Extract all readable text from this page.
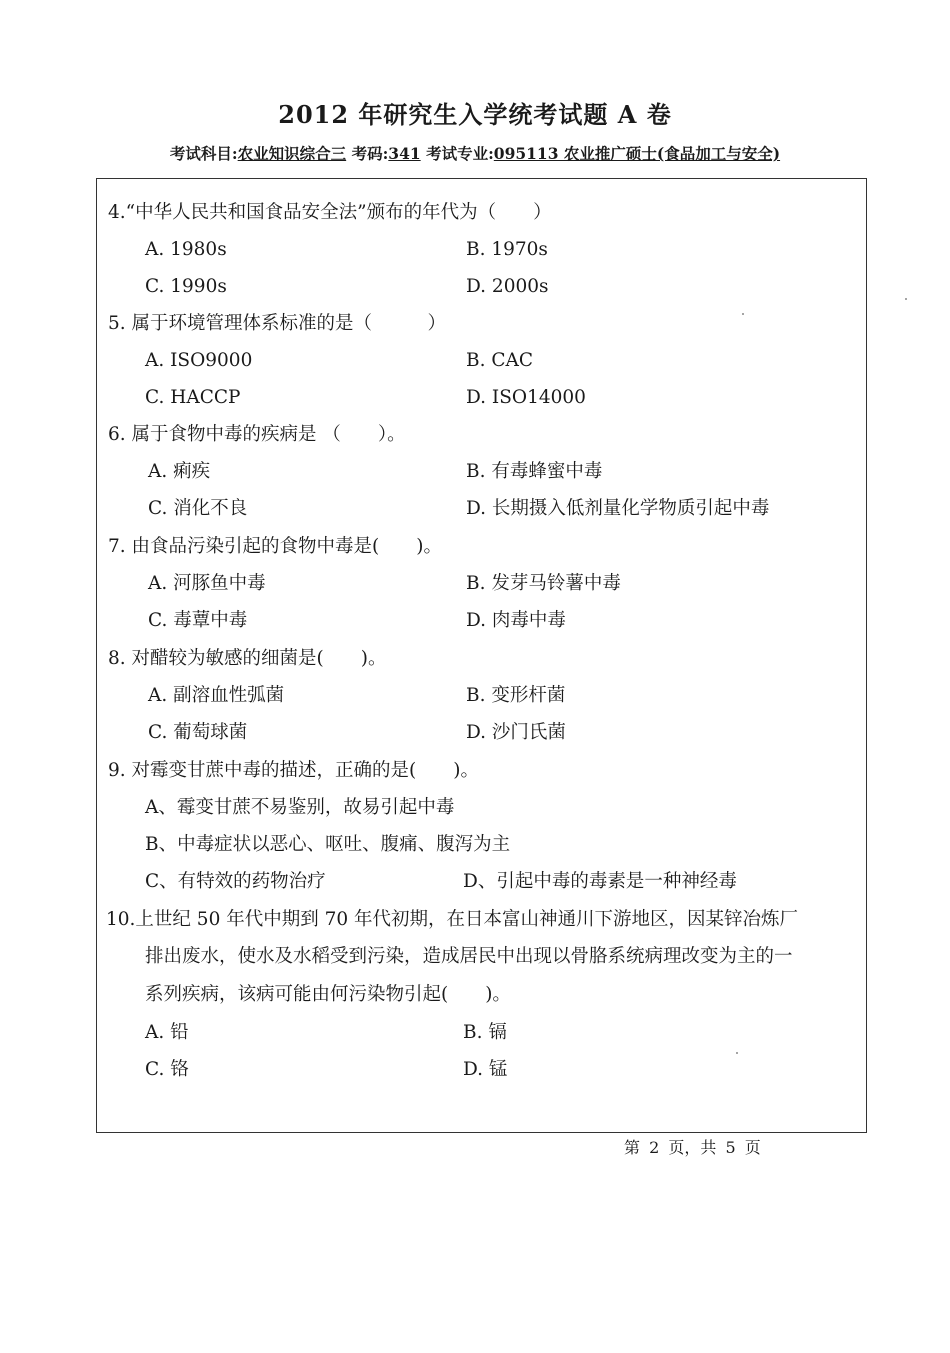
2012 年研究生入学统考试题 A 卷
考试科目:农业知识综合三 考码:341 考试专业:095113 农业推广硕士(食品加工与安全)
4.“中华人民共和国食品安全法”颁布的年代为（　　）
A. 1980s	B. 1970s
C. 1990s	D. 2000s
5. 属于环境管理体系标准的是（　　　）
A. ISO9000	B. CAC
C. HACCP	D. ISO14000
6. 属于食物中毒的疾病是 （　　）。
A. 痢疾	B. 有毒蜂蜜中毒
C. 消化不良	D. 长期摄入低剂量化学物质引起中毒
7. 由食品污染引起的食物中毒是(　　)。
A. 河豚鱼中毒	B. 发芽马铃薯中毒
C. 毒蕈中毒	D. 肉毒中毒
8. 对醋较为敏感的细菌是(　　)。
A. 副溶血性弧菌	B. 变形杆菌
C. 葡萄球菌	D. 沙门氏菌
9. 对霉变甘蔗中毒的描述，正确的是(　　)。
A、霉变甘蔗不易鉴别，故易引起中毒
B、中毒症状以恶心、呕吐、腹痛、腹泻为主
C、有特效的药物治疗	D、引起中毒的毒素是一种神经毒
10.上世纪 50 年代中期到 70 年代初期，在日本富山神通川下游地区，因某锌冶炼厂
排出废水，使水及水稻受到污染，造成居民中出现以骨胳系统病理改变为主的一
系列疾病，该病可能由何污染物引起(　　)。
A. 铅	B. 镉
C. 铬	D. 锰
第 2 页，共 5 页
